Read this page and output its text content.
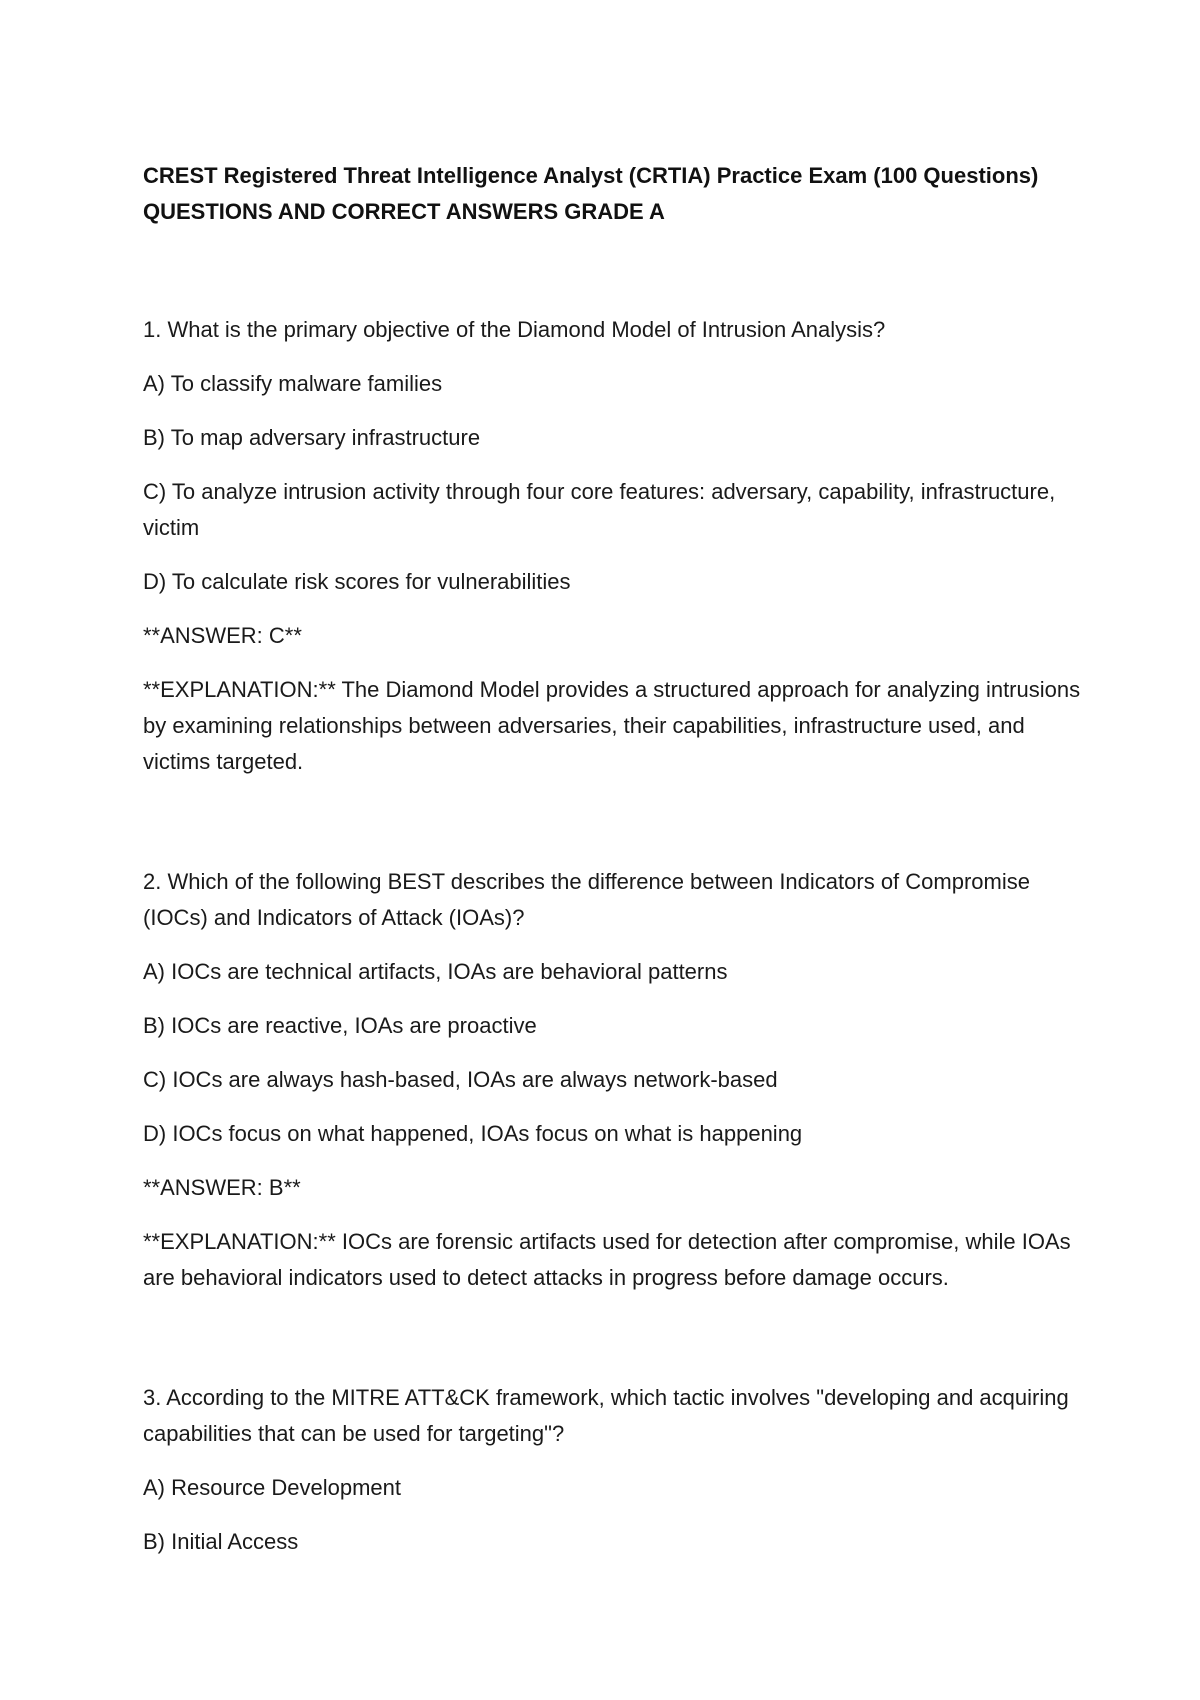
CREST Registered Threat Intelligence Analyst (CRTIA) Practice Exam (100 Questions)

QUESTIONS AND CORRECT ANSWERS GRADE A

1. What is the primary objective of the Diamond Model of Intrusion Analysis?

A) To classify malware families

B) To map adversary infrastructure

C) To analyze intrusion activity through four core features: adversary, capability, infrastructure, victim

D) To calculate risk scores for vulnerabilities

**ANSWER: C**

**EXPLANATION:** The Diamond Model provides a structured approach for analyzing intrusions by examining relationships between adversaries, their capabilities, infrastructure used, and victims targeted.

2. Which of the following BEST describes the difference between Indicators of Compromise (IOCs) and Indicators of Attack (IOAs)?

A) IOCs are technical artifacts, IOAs are behavioral patterns

B) IOCs are reactive, IOAs are proactive

C) IOCs are always hash-based, IOAs are always network-based

D) IOCs focus on what happened, IOAs focus on what is happening

**ANSWER: B**

**EXPLANATION:** IOCs are forensic artifacts used for detection after compromise, while IOAs are behavioral indicators used to detect attacks in progress before damage occurs.

3. According to the MITRE ATT&CK framework, which tactic involves "developing and acquiring capabilities that can be used for targeting"?

A) Resource Development

B) Initial Access
